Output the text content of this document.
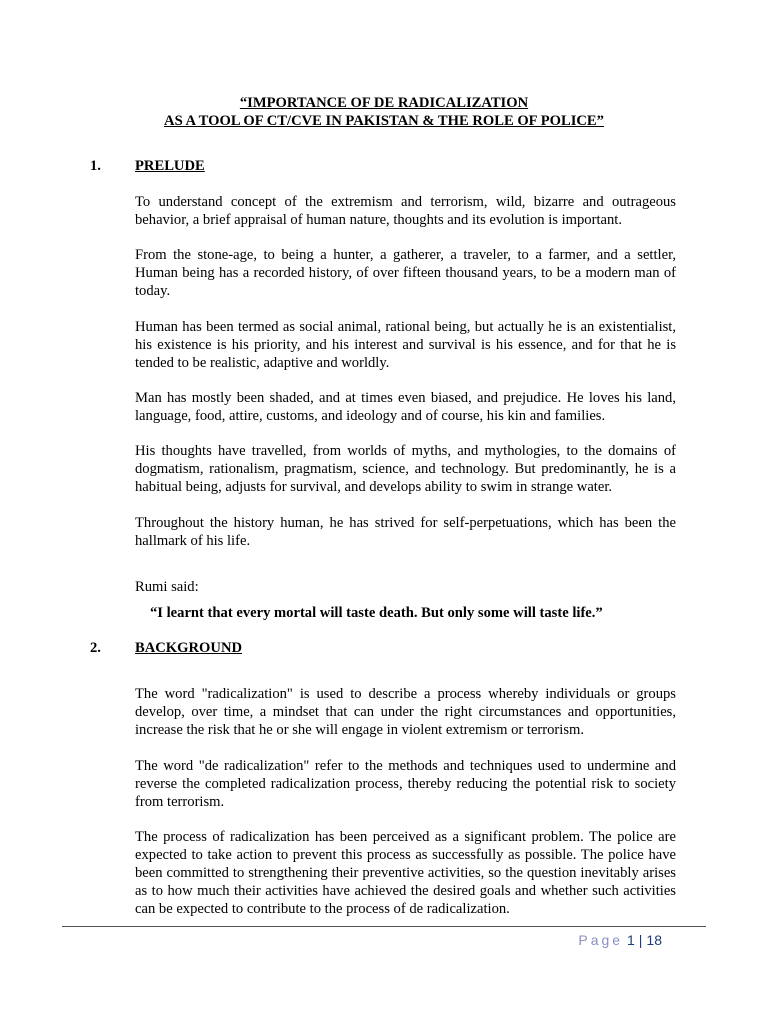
“IMPORTANCE OF DE RADICALIZATION
AS A TOOL OF CT/CVE IN PAKISTAN & THE ROLE OF POLICE”
1. PRELUDE

To understand concept of the extremism and terrorism, wild, bizarre and outrageous behavior, a brief appraisal of human nature, thoughts and its evolution is important.

From the stone-age, to being a hunter, a gatherer, a traveler, to a farmer, and a settler, Human being has a recorded history, of over fifteen thousand years, to be a modern man of today.

Human has been termed as social animal, rational being, but actually he is an existentialist, his existence is his priority, and his interest and survival is his essence, and for that he is tended to be realistic, adaptive and worldly.

Man has mostly been shaded, and at times even biased, and prejudice. He loves his land, language, food, attire, customs, and ideology and of course, his kin and families.

His thoughts have travelled, from worlds of myths, and mythologies, to the domains of dogmatism, rationalism, pragmatism, science, and technology. But predominantly, he is a habitual being, adjusts for survival, and develops ability to swim in strange water.

Throughout the history human, he has strived for self-perpetuations, which has been the hallmark of his life.

Rumi said:

“I learnt that every mortal will taste death. But only some will taste life.”

2. BACKGROUND

The word "radicalization" is used to describe a process whereby individuals or groups develop, over time, a mindset that can under the right circumstances and opportunities, increase the risk that he or she will engage in violent extremism or terrorism.

The word "de radicalization" refer to the methods and techniques used to undermine and reverse the completed radicalization process, thereby reducing the potential risk to society from terrorism.

The process of radicalization has been perceived as a significant problem. The police are expected to take action to prevent this process as successfully as possible. The police have been committed to strengthening their preventive activities, so the question inevitably arises as to how much their activities have achieved the desired goals and whether such activities can be expected to contribute to the process of de radicalization.

Page 1 | 18
